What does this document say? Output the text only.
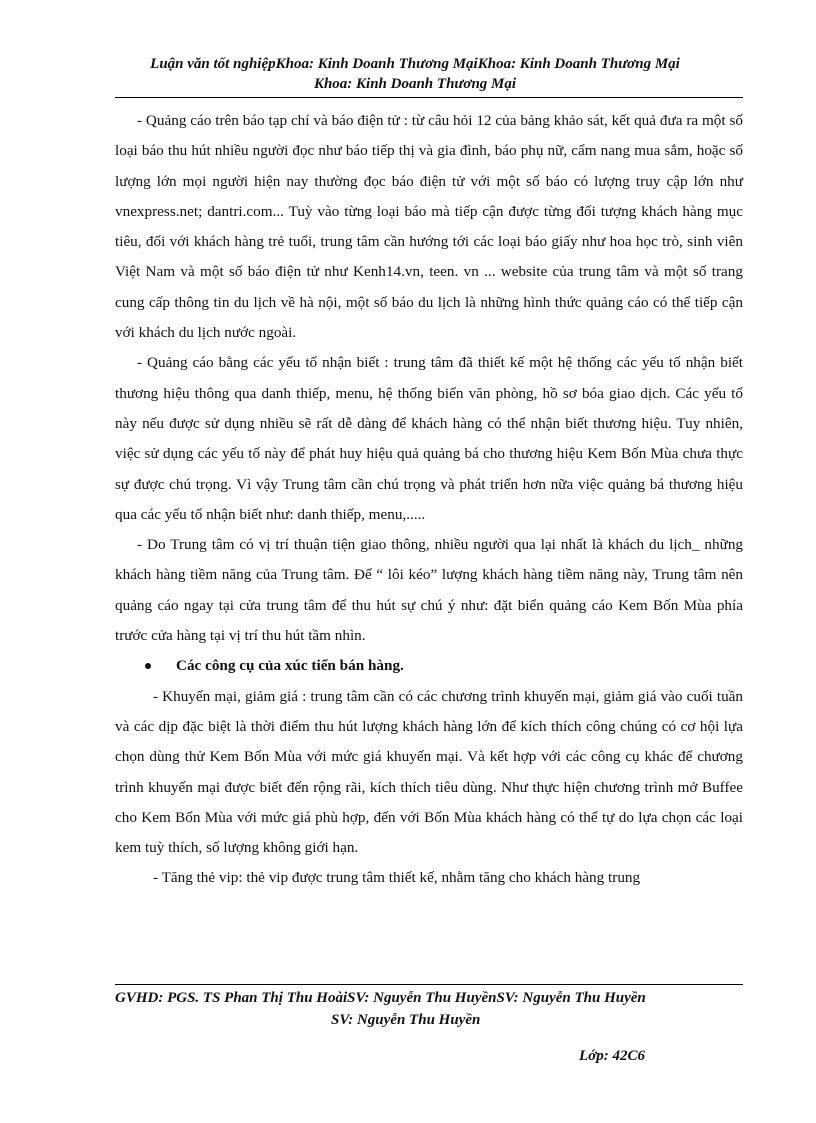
Luận văn tốt nghiệpKhoa: Kinh Doanh Thương MạiKhoa: Kinh Doanh Thương Mại
Khoa: Kinh Doanh Thương Mại

- Quảng cáo trên báo tạp chí và báo điện tử : từ câu hỏi 12 của bảng khảo sát, kết quả đưa ra một số loại báo thu hút nhiều người đọc như báo tiếp thị và gia đình, báo phụ nữ, cẩm nang mua sắm, hoặc số lượng lớn mọi người hiện nay thường đọc báo điện tử với một số báo có lượng truy cập lớn như vnexpress.net; dantri.com... Tuỳ vào từng loại báo mà tiếp cận được từng đối tượng khách hàng mục tiêu, đối với khách hàng trẻ tuổi, trung tâm cần hướng tới các loại báo giấy như hoa học trò, sinh viên Việt Nam và một số báo điện tử như Kenh14.vn, teen. vn ... website của trung tâm và một số trang cung cấp thông tin du lịch về hà nội, một số báo du lịch là những hình thức quảng cáo có thể tiếp cận với khách du lịch nước ngoài.

- Quảng cáo bằng các yếu tố nhận biết : trung tâm đã thiết kế một hệ thống các yếu tố nhận biết thương hiệu thông qua danh thiếp, menu, hệ thống biển văn phòng, hồ sơ bóa giao dịch. Các yếu tố này nếu được sử dụng nhiều sẽ rất dễ dàng để khách hàng có thể nhận biết thương hiệu. Tuy nhiên, việc sử dụng các yếu tố này để phát huy hiệu quả quảng bá cho thương hiệu Kem Bốn Mùa chưa thực sự được chú trọng. Vì vậy Trung tâm cần chú trọng và phát triển hơn nữa việc quảng bá thương hiệu qua các yếu tố nhận biết như: danh thiếp, menu,.....

- Do Trung tâm có vị trí thuận tiện giao thông, nhiều người qua lại nhất là khách du lịch_ những khách hàng tiềm năng của Trung tâm. Để “ lôi kéo” lượng khách hàng tiềm năng này, Trung tâm nên quảng cáo ngay tại cửa trung tâm để thu hút sự chú ý như: đặt biển quảng cáo Kem Bốn Mùa phía trước cửa hàng tại vị trí thu hút tầm nhìn.

Các công cụ của xúc tiến bán hàng.

- Khuyến mại, giảm giá : trung tâm cần có các chương trình khuyến mại, giảm giá vào cuối tuần và các dịp đặc biệt là thời điểm thu hút lượng khách hàng lớn để kích thích công chúng có cơ hội lựa chọn dùng thử Kem Bốn Mùa với mức giá khuyến mại. Và kết hợp với các công cụ khác để chương trình khuyến mại được biết đến rộng rãi, kích thích tiêu dùng. Như thực hiện chương trình mở Buffee cho Kem Bốn Mùa với mức giá phù hợp, đến với Bốn Mùa khách hàng có thể tự do lựa chọn các loại kem tuỳ thích, số lượng không giới hạn.

- Tăng thẻ vip: thẻ vip được trung tâm thiết kế, nhằm tăng cho khách hàng trung

GVHD: PGS. TS Phan Thị Thu HoàiSV: Nguyễn Thu HuyềnSV: Nguyễn Thu Huyền
SV: Nguyễn Thu Huyền
Lớp: 42C6
